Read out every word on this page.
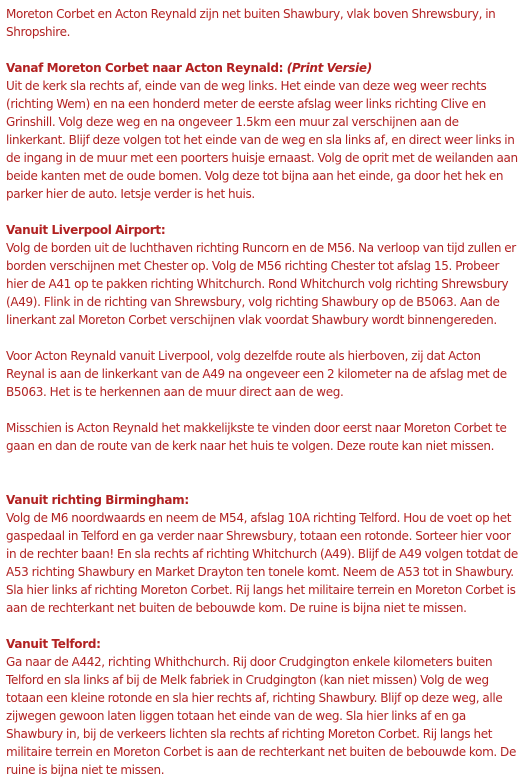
Moreton Corbet en Acton Reynald zijn net buiten Shawbury, vlak boven Shrewsbury, in Shropshire.

Vanaf Moreton Corbet naar Acton Reynald: (Print Versie)

Uit de kerk sla rechts af, einde van de weg links. Het einde van deze weg weer rechts (richting Wem) en na een honderd meter de eerste afslag weer links richting Clive en Grinshill. Volg deze weg en na ongeveer 1.5km een muur zal verschijnen aan de linkerkant. Blijf deze volgen tot het einde van de weg en sla links af, en direct weer links in de ingang in de muur met een poorters huisje ernaast. Volg de oprit met de weilanden aan beide kanten met de oude bomen. Volg deze tot bijna aan het einde, ga door het hek en parker hier de auto. Ietsje verder is het huis.

Vanuit Liverpool Airport:

Volg de borden uit de luchthaven richting Runcorn en de M56. Na verloop van tijd zullen er borden verschijnen met Chester op. Volg de M56 richting Chester tot afslag 15. Probeer hier de A41 op te pakken richting Whitchurch. Rond Whitchurch volg richting Shrewsbury (A49). Flink in de richting van Shrewsbury, volg richting Shawbury op de B5063. Aan de linerkant zal Moreton Corbet verschijnen vlak voordat Shawbury wordt binnengereden.

Voor Acton Reynald vanuit Liverpool, volg dezelfde route als hierboven, zij dat Acton Reynal is aan de linkerkant van de A49 na ongeveer een 2 kilometer na de afslag met de B5063. Het is te herkennen aan de muur direct aan de weg.

Misschien is Acton Reynald het makkelijkste te vinden door eerst naar Moreton Corbet te gaan en dan de route van de kerk naar het huis te volgen. Deze route kan niet missen.

Vanuit richting Birmingham:

Volg de M6 noordwaards en neem de M54, afslag 10A richting Telford. Hou de voet op het gaspedaal in Telford en ga verder naar Shrewsbury, totaan een rotonde. Sorteer hier voor in de rechter baan! En sla rechts af richting Whitchurch (A49). Blijf de A49 volgen totdat de A53 richting Shawbury en Market Drayton ten tonele komt. Neem de A53 tot in Shawbury. Sla hier links af richting Moreton Corbet. Rij langs het militaire terrein en Moreton Corbet is aan de rechterkant net buiten de bebouwde kom. De ruine is bijna niet te missen.

Vanuit Telford:

Ga naar de A442, richting Whithchurch. Rij door Crudgington enkele kilometers buiten Telford en sla links af bij de Melk fabriek in Crudgington (kan niet missen) Volg de weg totaan een kleine rotonde en sla hier rechts af, richting Shawbury. Blijf op deze weg, alle zijwegen gewoon laten liggen totaan het einde van de weg. Sla hier links af en ga Shawbury in, bij de verkeers lichten sla rechts af richting Moreton Corbet. Rij langs het militaire terrein en Moreton Corbet is aan de rechterkant net buiten de bebouwde kom. De ruine is bijna niet te missen.
